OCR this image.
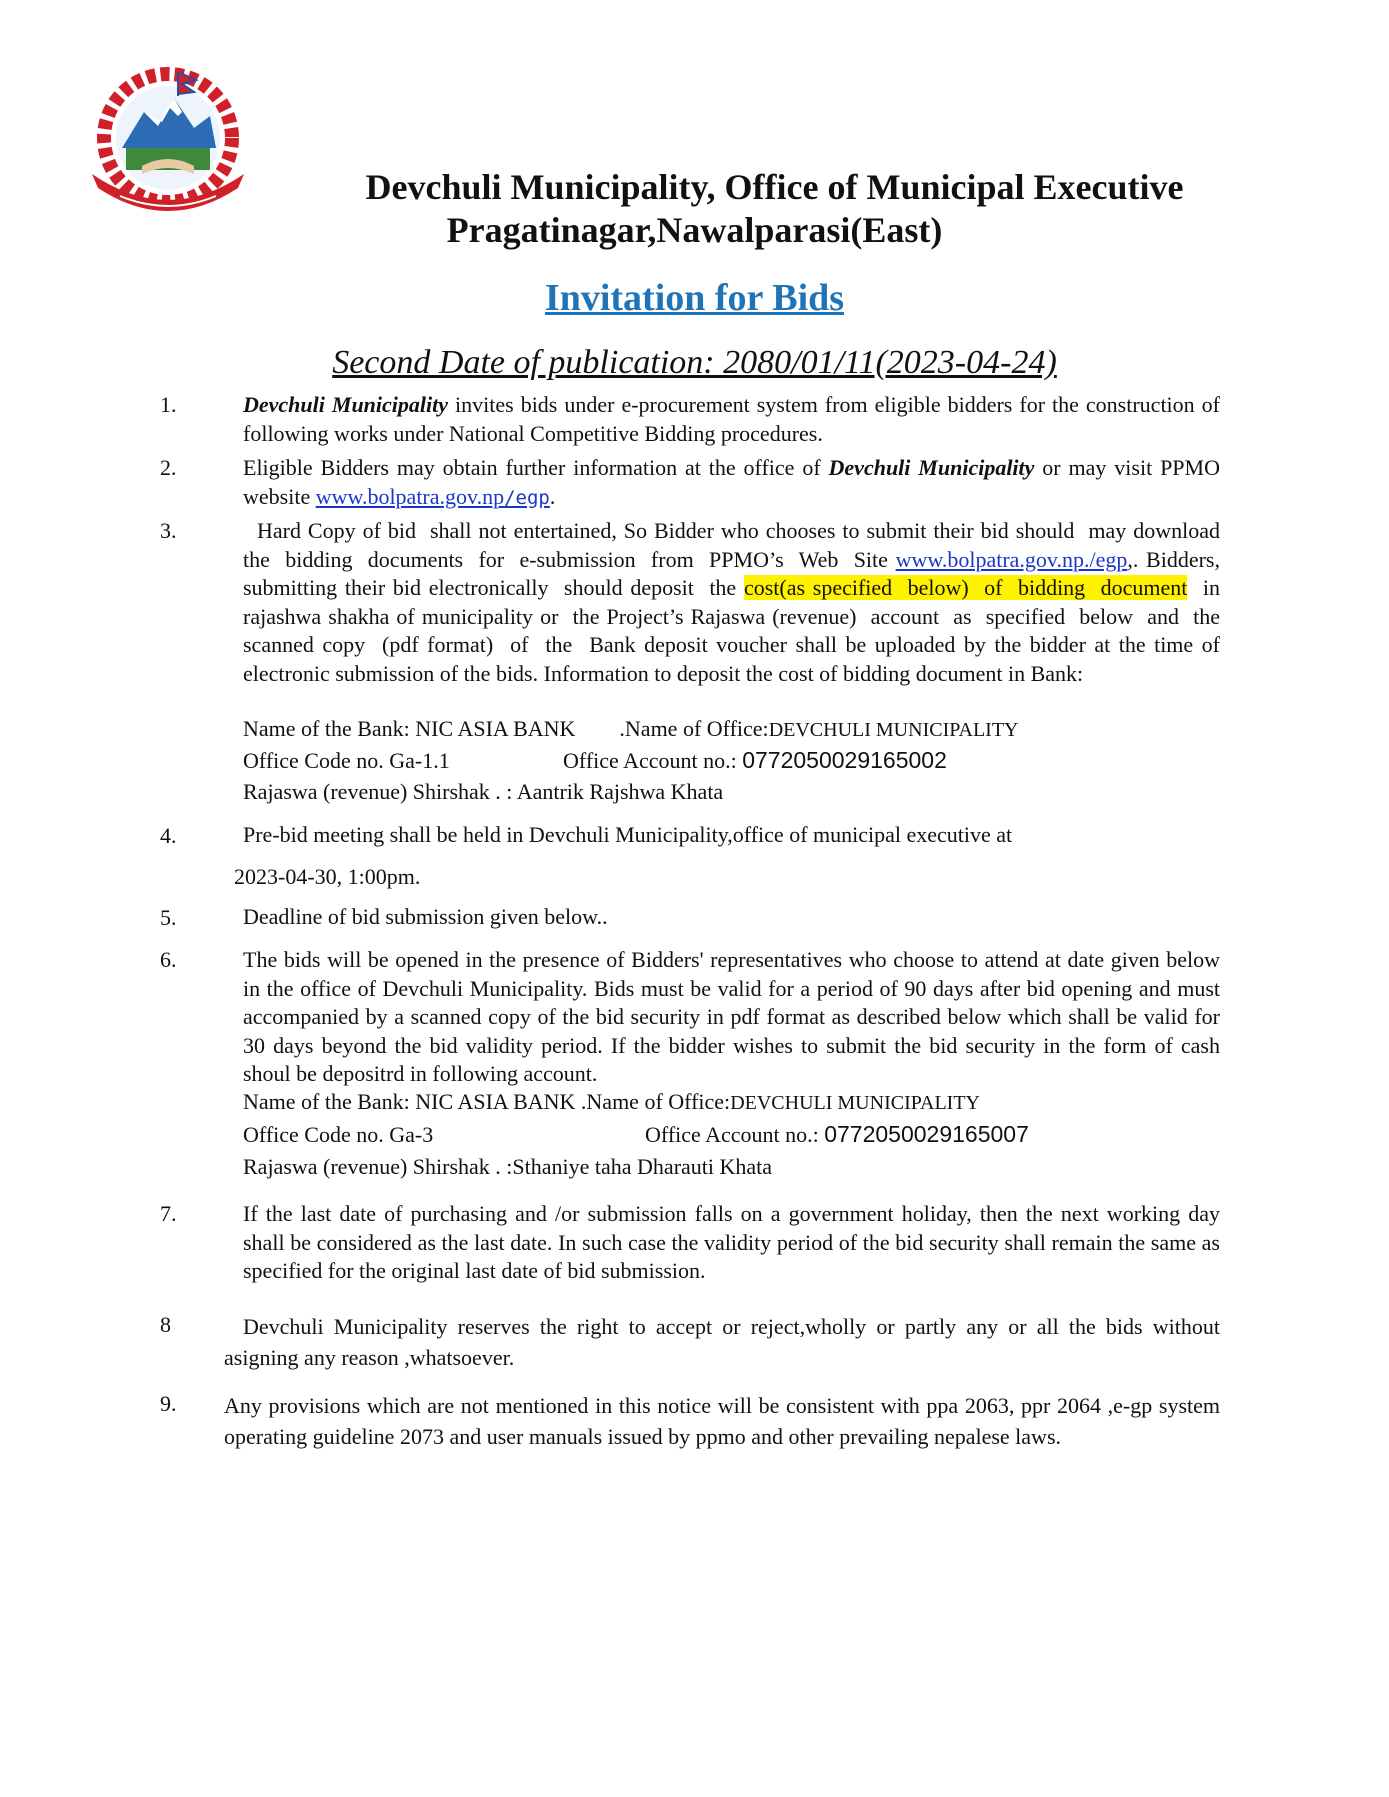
Devchuli Municipality, Office of Municipal Executive
Pragatinagar,Nawalparasi(East)
Invitation for Bids
Second Date of publication: 2080/01/11(2023-04-24)
1.	Devchuli Municipality invites bids under e-procurement system from eligible bidders for the construction of following works under National Competitive Bidding procedures.
2.	Eligible Bidders may obtain further information at the office of Devchuli Municipality or may visit PPMO website www.bolpatra.gov.np/egp.
3.	Hard Copy of bid  shall not entertained, So Bidder who chooses to submit their bid should  may download  the  bidding  documents  for  e-submission  from  PPMO’s  Web  Site www.bolpatra.gov.np./egp,. Bidders, submitting their bid electronically  should deposit  the cost(as specified  below)  of  bidding  document  in rajashwa shakha of municipality or  the Project’s Rajaswa (revenue)  account  as  specified  below  and  the  scanned copy  (pdf format)  of  the  Bank deposit voucher shall be uploaded by the bidder at the time of electronic submission of the bids. Information to deposit the cost of bidding document in Bank:
Name of the Bank: NIC ASIA BANK .Name of Office:DEVCHULI MUNICIPALITY
Office Code no. Ga-1.1	Office Account no.: 0772050029165002
Rajaswa (revenue) Shirshak . : Aantrik Rajshwa Khata
4.	Pre-bid meeting shall be held in Devchuli Municipality,office of municipal executive at
2023-04-30, 1:00pm.
5.	Deadline of bid submission given below..
6.	The bids will be opened in the presence of Bidders' representatives who choose to attend at date given below in the office of Devchuli Municipality. Bids must be valid for a period of 90 days after bid opening and must accompanied by a scanned copy of the bid security in pdf format as described below which shall be valid for 30 days beyond the bid validity period. If the bidder wishes to submit the bid security in the form of cash shoul be depositrd in following account.
Name of the Bank: NIC ASIA BANK .Name of Office:DEVCHULI MUNICIPALITY
Office Code no. Ga-3	Office Account no.: 0772050029165007
Rajaswa (revenue) Shirshak . :Sthaniye taha Dharauti Khata
7.	If the last date of purchasing and /or submission falls on a government holiday, then the next working day shall be considered as the last date. In such case the validity period of the bid security shall remain the same as specified for the original last date of bid submission.
8	Devchuli Municipality reserves the right to accept or reject,wholly or partly any or all the bids without asigning any reason ,whatsoever.
9. Any provisions which are not mentioned in this notice will be consistent with ppa 2063, ppr 2064 ,e-gp system operating guideline 2073 and user manuals issued by ppmo and other prevailing nepalese laws.
